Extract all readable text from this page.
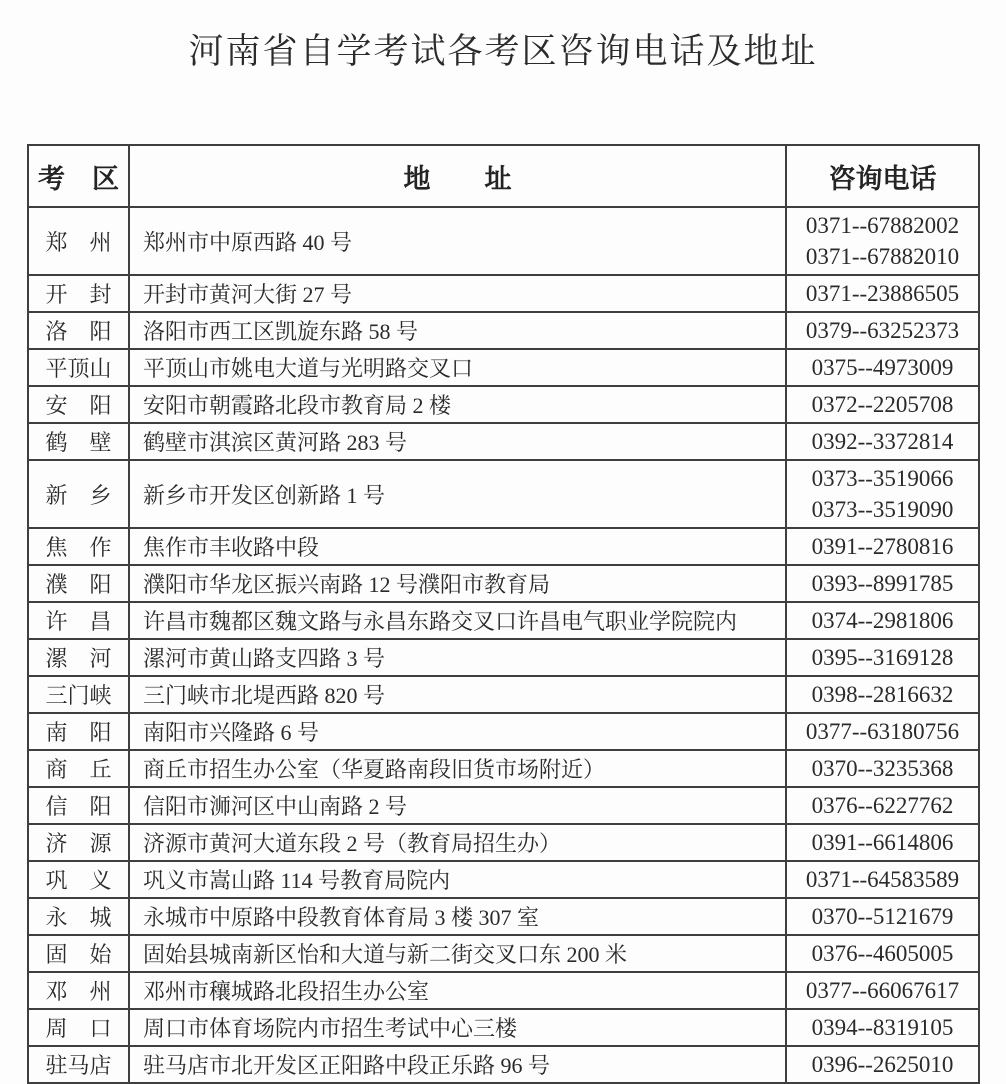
河南省自学考试各考区咨询电话及地址
考　区	地　　址	咨询电话
郑　州	郑州市中原西路 40 号	0371--67882002
0371--67882010

开　封	开封市黄河大街 27 号	0371--23886505

洛　阳	洛阳市西工区凯旋东路 58 号	0379--63252373

平顶山	平顶山市姚电大道与光明路交叉口	0375--4973009

安　阳	安阳市朝霞路北段市教育局 2 楼	0372--2205708

鹤　壁	鹤壁市淇滨区黄河路 283 号	0392--3372814

新　乡	新乡市开发区创新路 1 号	0373--3519066
0373--3519090

焦　作	焦作市丰收路中段	0391--2780816

濮　阳	濮阳市华龙区振兴南路 12 号濮阳市教育局	0393--8991785

许　昌	许昌市魏都区魏文路与永昌东路交叉口许昌电气职业学院院内	0374--2981806

漯　河	漯河市黄山路支四路 3 号	0395--3169128

三门峡	三门峡市北堤西路 820 号	0398--2816632

南　阳	南阳市兴隆路 6 号	0377--63180756

商　丘	商丘市招生办公室（华夏路南段旧货市场附近）	0370--3235368

信　阳	信阳市浉河区中山南路 2 号	0376--6227762

济　源	济源市黄河大道东段 2 号（教育局招生办）	0391--6614806

巩　义	巩义市嵩山路 114 号教育局院内	0371--64583589

永　城	永城市中原路中段教育体育局 3 楼 307 室	0370--5121679

固　始	固始县城南新区怡和大道与新二街交叉口东 200 米	0376--4605005

邓　州	邓州市穰城路北段招生办公室	0377--66067617

周　口	周口市体育场院内市招生考试中心三楼	0394--8319105

驻马店	驻马店市北开发区正阳路中段正乐路 96 号	0396--2625010
